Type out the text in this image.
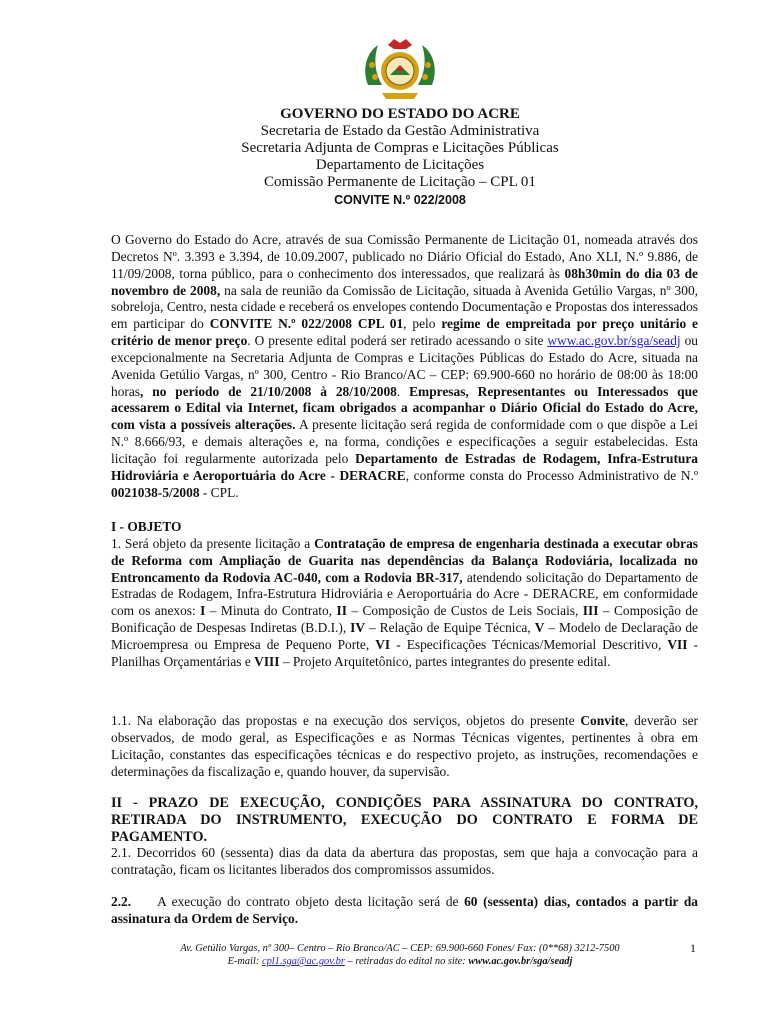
GOVERNO DO ESTADO DO ACRE
Secretaria de Estado da Gestão Administrativa
Secretaria Adjunta de Compras e Licitações Públicas
Departamento de Licitações
Comissão Permanente de Licitação – CPL 01
CONVITE N.º 022/2008

O Governo do Estado do Acre, através de sua Comissão Permanente de Licitação 01, nomeada através dos Decretos Nº. 3.393 e 3.394, de 10.09.2007, publicado no Diário Oficial do Estado, Ano XLI, N.º 9.886, de 11/09/2008, torna público, para o conhecimento dos interessados, que realizará às 08h30min do dia 03 de novembro de 2008, na sala de reunião da Comissão de Licitação, situada à Avenida Getúlio Vargas, nº 300, sobreloja, Centro, nesta cidade e receberá os envelopes contendo Documentação e Propostas dos interessados em participar do CONVITE N.º 022/2008 CPL 01, pelo regime de empreitada por preço unitário e critério de menor preço. O presente edital poderá ser retirado acessando o site www.ac.gov.br/sga/seadj ou excepcionalmente na Secretaria Adjunta de Compras e Licitações Públicas do Estado do Acre, situada na Avenida Getúlio Vargas, nº 300, Centro - Rio Branco/AC – CEP: 69.900-660 no horário de 08:00 às 18:00 horas, no período de 21/10/2008 à 28/10/2008. Empresas, Representantes ou Interessados que acessarem o Edital via Internet, ficam obrigados a acompanhar o Diário Oficial do Estado do Acre, com vista a possíveis alterações. A presente licitação será regida de conformidade com o que dispõe a Lei N.º 8.666/93, e demais alterações e, na forma, condições e especificações a seguir estabelecidas. Esta licitação foi regularmente autorizada pelo Departamento de Estradas de Rodagem, Infra-Estrutura Hidroviária e Aeroportuária do Acre - DERACRE, conforme consta do Processo Administrativo de N.º 0021038-5/2008 - CPL.

I - OBJETO

1. Será objeto da presente licitação a Contratação de empresa de engenharia destinada a executar obras de Reforma com Ampliação de Guarita nas dependências da Balança Rodoviária, localizada no Entroncamento da Rodovia AC-040, com a Rodovia BR-317, atendendo solicitação do Departamento de Estradas de Rodagem, Infra-Estrutura Hidroviária e Aeroportuária do Acre - DERACRE, em conformidade com os anexos: I – Minuta do Contrato, II – Composição de Custos de Leis Sociais, III – Composição de Bonificação de Despesas Indiretas (B.D.I.), IV – Relação de Equipe Técnica, V – Modelo de Declaração de Microempresa ou Empresa de Pequeno Porte, VI - Especificações Técnicas/Memorial Descritivo, VII - Planilhas Orçamentárias e VIII – Projeto Arquitetônico, partes integrantes do presente edital.

1.1. Na elaboração das propostas e na execução dos serviços, objetos do presente Convite, deverão ser observados, de modo geral, as Especificações e as Normas Técnicas vigentes, pertinentes à obra em Licitação, constantes das especificações técnicas e do respectivo projeto, as instruções, recomendações e determinações da fiscalização e, quando houver, da supervisão.

II - PRAZO DE EXECUÇÃO, CONDIÇÕES PARA ASSINATURA DO CONTRATO, RETIRADA DO INSTRUMENTO, EXECUÇÃO DO CONTRATO E FORMA DE PAGAMENTO.

2.1. Decorridos 60 (sessenta) dias da data da abertura das propostas, sem que haja a convocação para a contratação, ficam os licitantes liberados dos compromissos assumidos.

2.2. A execução do contrato objeto desta licitação será de 60 (sessenta) dias, contados a partir da assinatura da Ordem de Serviço.

Av. Getúlio Vargas, nº 300– Centro – Rio Branco/AC – CEP: 69.900-660 Fones/ Fax: (0**68) 3212-7500
E-mail: cpl1.sga@ac.gov.br – retiradas do edital no site: www.ac.gov.br/sga/seadj
1
